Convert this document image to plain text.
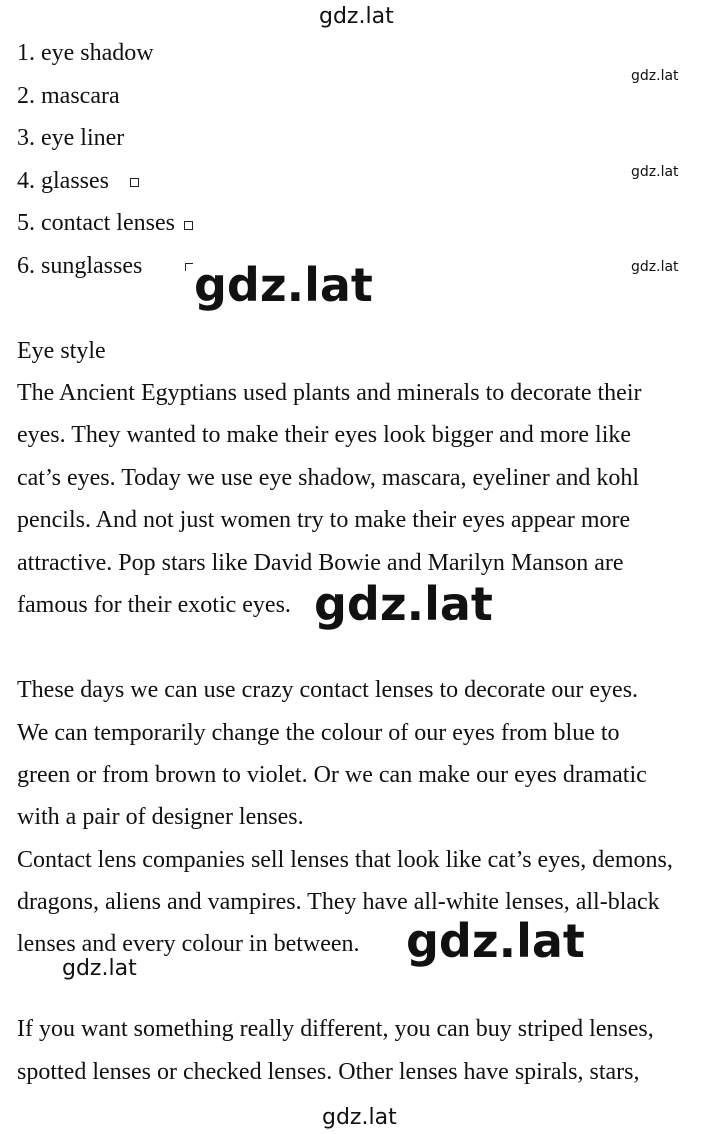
gdz.lat
gdz.lat
gdz.lat
gdz.lat
gdz.lat
gdz.lat
gdz.lat
gdz.lat
gdz.lat
1. eye shadow
2. mascara
3. eye liner
4. glasses
5. contact lenses
6. sunglasses
Eye style
The Ancient Egyptians used plants and minerals to decorate their
eyes. They wanted to make their eyes look bigger and more like
cat’s eyes. Today we use eye shadow, mascara, eyeliner and kohl
pencils. And not just women try to make their eyes appear more
attractive. Pop stars like David Bowie and Marilyn Manson are
famous for their exotic eyes.
These days we can use crazy contact lenses to decorate our eyes.
We can temporarily change the colour of our eyes from blue to
green or from brown to violet. Or we can make our eyes dramatic
with a pair of designer lenses.
Contact lens companies sell lenses that look like cat’s eyes, demons,
dragons, aliens and vampires. They have all-white lenses, all-black
lenses and every colour in between.
If you want something really different, you can buy striped lenses,
spotted lenses or checked lenses. Other lenses have spirals, stars,
